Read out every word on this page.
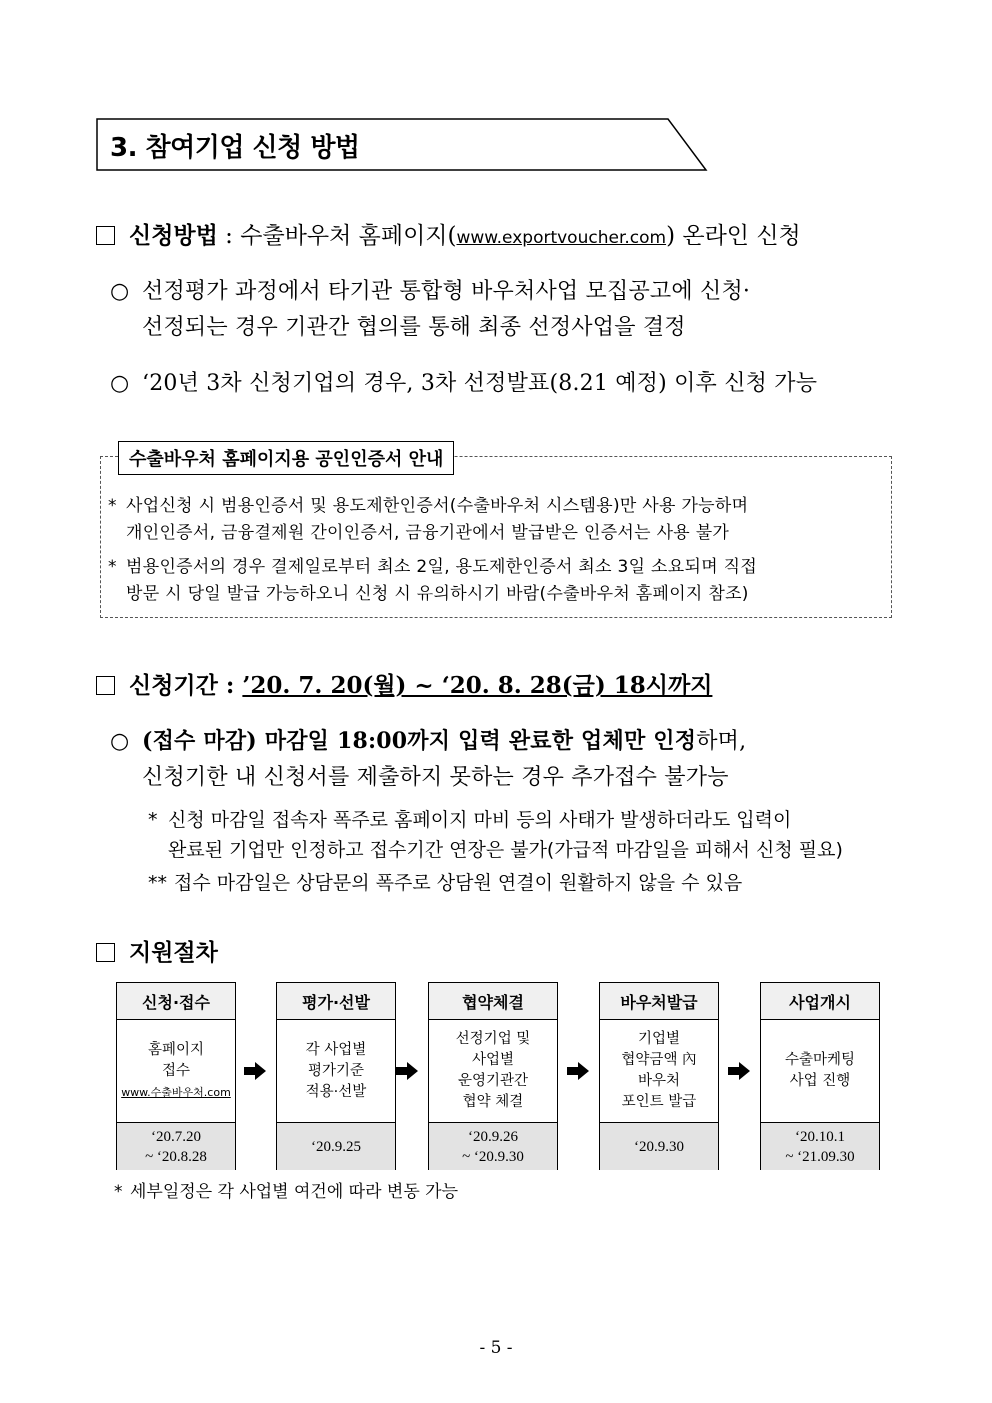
3. 참여기업 신청 방법
신청방법 : 수출바우처 홈페이지(www.exportvoucher.com) 온라인 신청
○ 선정평가 과정에서 타기관 통합형 바우처사업 모집공고에 신청·
선정되는 경우 기관간 협의를 통해 최종 선정사업을 결정
○ ‘20년 3차 신청기업의 경우, 3차 선정발표(8.21 예정) 이후 신청 가능
수출바우처 홈페이지용 공인인증서 안내
* 사업신청 시 범용인증서 및 용도제한인증서(수출바우처 시스템용)만 사용 가능하며
개인인증서, 금융결제원 간이인증서, 금융기관에서 발급받은 인증서는 사용 불가
* 범용인증서의 경우 결제일로부터 최소 2일, 용도제한인증서 최소 3일 소요되며 직접
방문 시 당일 발급 가능하오니 신청 시 유의하시기 바람(수출바우처 홈페이지 참조)
신청기간 : ’20. 7. 20(월) ~ ‘20. 8. 28(금) 18시까지
○ (접수 마감) 마감일 18:00까지 입력 완료한 업체만 인정하며,
신청기한 내 신청서를 제출하지 못하는 경우 추가접수 불가능
* 신청 마감일 접속자 폭주로 홈페이지 마비 등의 사태가 발생하더라도 입력이
완료된 기업만 인정하고 접수기간 연장은 불가(가급적 마감일을 피해서 신청 필요)
** 접수 마감일은 상담문의 폭주로 상담원 연결이 원활하지 않을 수 있음
지원절차
신청·접수
홈페이지
접수
www.수출바우처.com
‘20.7.20
~ ‘20.8.28
평가·선발
각 사업별
평가기준
적용·선발
‘20.9.25
협약체결
선정기업 및
사업별
운영기관간
협약 체결
‘20.9.26
~ ‘20.9.30
바우처발급
기업별
협약금액 內
바우처
포인트 발급
‘20.9.30
사업개시
수출마케팅
사업 진행
‘20.10.1
~ ‘21.09.30
* 세부일정은 각 사업별 여건에 따라 변동 가능
- 5 -
